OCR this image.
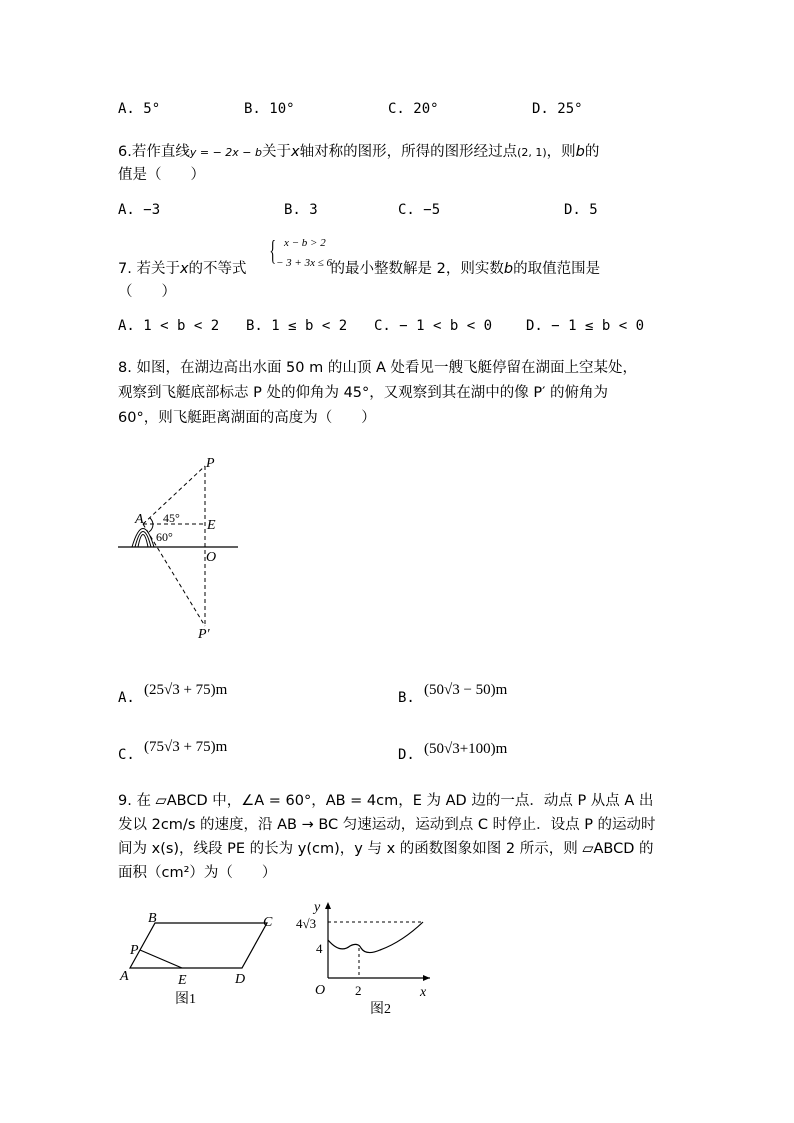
A. 5°	B. 10°	C. 20°	D. 25°
6.若作直线y = − 2x − b关于x轴对称的图形，所得的图形经过点(2, 1)，则b的
值是（　　）
A. −3	B. 3	C. −5	D. 5
x − b > 2
{
7. 若关于x的不等式	的最小整数解是 2，则实数b的取值范围是
− 3 + 3x ≤ 6
（　　）
A. 1 < b < 2 B. 1 ≤ b < 2 C. − 1 < b < 0 D. − 1 ≤ b < 0
8. 如图，在湖边高出水面 50 m 的山顶 A 处看见一艘飞艇停留在湖面上空某处，
观察到飞艇底部标志 P 处的仰角为 45°，又观察到其在湖中的像 P′ 的俯角为
60°，则飞艇距离湖面的高度为（　　）
P
A	E
O
P′
45°
60°
A. (25√3 + 75)m	B. (50√3 − 50)m
C. (75√3 + 75)m	D. (50√3+100)m
9. 在 ▱ABCD 中，∠A = 60°，AB = 4cm，E 为 AD 边的一点．动点 P 从点 A 出
发以 2cm/s 的速度，沿 AB → BC 匀速运动，运动到点 C 时停止．设点 P 的运动时
间为 x(s)，线段 PE 的长为 y(cm)，y 与 x 的函数图象如图 2 所示，则 ▱ABCD 的
面积（cm²）为（　　）
B	C
P
A	E	D
图1
y
4√3
4
O 2	x
图2
